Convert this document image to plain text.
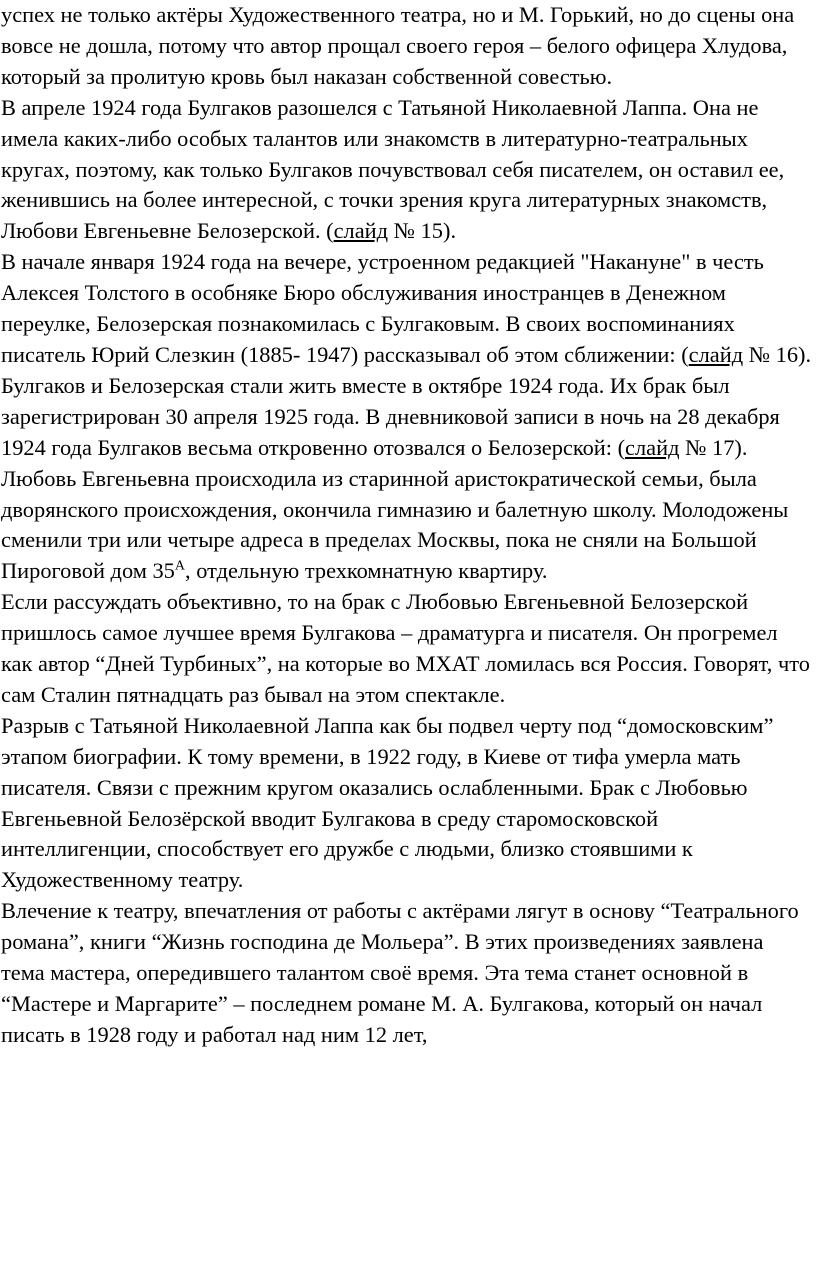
успех не только актёры Художественного театра, но и М. Горький, но до сцены она вовсе не дошла, потому что автор прощал своего героя – белого офицера Хлудова, который за пролитую кровь был наказан собственной совестью.

В апреле 1924 года Булгаков разошелся с Татьяной Николаевной Лаппа. Она не имела каких-либо особых талантов или знакомств в литературно-театральных кругах, поэтому, как только Булгаков почувствовал себя писателем, он оставил ее, женившись на более интересной, с точки зрения круга литературных знакомств, Любови Евгеньевне Белозерской. (слайд № 15).

В начале января 1924 года на вечере, устроенном редакцией "Накануне" в честь Алексея Толстого в особняке Бюро обслуживания иностранцев в Денежном переулке, Белозерская познакомилась с Булгаковым. В своих воспоминаниях писатель Юрий Слезкин (1885- 1947) рассказывал об этом сближении: (слайд № 16).

Булгаков и Белозерская стали жить вместе в октябре 1924 года. Их брак был зарегистрирован 30 апреля 1925 года. В дневниковой записи в ночь на 28 декабря 1924 года Булгаков весьма откровенно отозвался о Белозерской: (слайд № 17).

Любовь Евгеньевна происходила из старинной аристократической семьи, была дворянского происхождения, окончила гимназию и балетную школу. Молодожены сменили три или четыре адреса в пределах Москвы, пока не сняли на Большой Пироговой дом $35^А$, отдельную трехкомнатную квартиру.

Если рассуждать объективно, то на брак с Любовью Евгеньевной Белозерской пришлось самое лучшее время Булгакова – драматурга и писателя. Он прогремел как автор “Дней Турбиных”, на которые во МХАТ ломилась вся Россия. Говорят, что сам Сталин пятнадцать раз бывал на этом спектакле.

Разрыв с Татьяной Николаевной Лаппа как бы подвел черту под “домосковским” этапом биографии. К тому времени, в 1922 году, в Киеве от тифа умерла мать писателя. Связи с прежним кругом оказались ослабленными. Брак с Любовью Евгеньевной Белозёрской вводит Булгакова в среду старомосковской интеллигенции, способствует его дружбе с людьми, близко стоявшими к Художественному театру.

Влечение к театру, впечатления от работы с актёрами лягут в основу “Театрального романа”, книги “Жизнь господина де Мольера”. В этих произведениях заявлена тема мастера, опередившего талантом своё время. Эта тема станет основной в “Мастере и Маргарите” – последнем романе М. А. Булгакова, который он начал писать в 1928 году и работал над ним 12 лет,
